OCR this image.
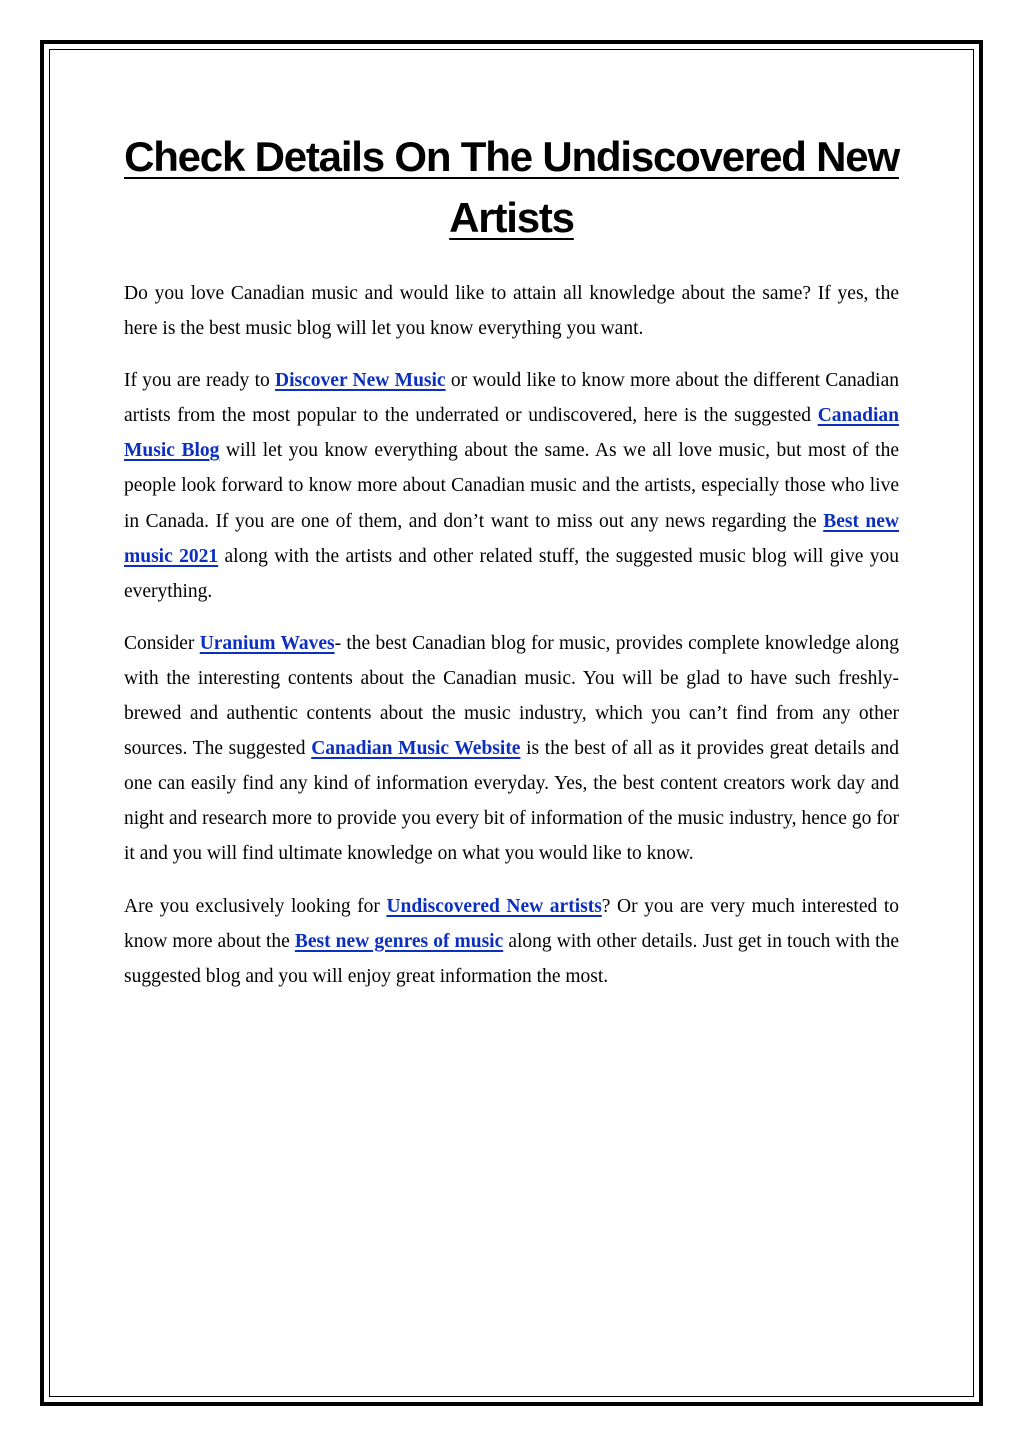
Check Details On The Undiscovered New Artists

Do you love Canadian music and would like to attain all knowledge about the same? If yes, the here is the best music blog will let you know everything you want.

If you are ready to Discover New Music or would like to know more about the different Canadian artists from the most popular to the underrated or undiscovered, here is the suggested Canadian Music Blog will let you know everything about the same. As we all love music, but most of the people look forward to know more about Canadian music and the artists, especially those who live in Canada. If you are one of them, and don’t want to miss out any news regarding the Best new music 2021 along with the artists and other related stuff, the suggested music blog will give you everything.

Consider Uranium Waves- the best Canadian blog for music, provides complete knowledge along with the interesting contents about the Canadian music. You will be glad to have such freshly-brewed and authentic contents about the music industry, which you can’t find from any other sources. The suggested Canadian Music Website is the best of all as it provides great details and one can easily find any kind of information everyday. Yes, the best content creators work day and night and research more to provide you every bit of information of the music industry, hence go for it and you will find ultimate knowledge on what you would like to know.

Are you exclusively looking for Undiscovered New artists? Or you are very much interested to know more about the Best new genres of music along with other details. Just get in touch with the suggested blog and you will enjoy great information the most.
